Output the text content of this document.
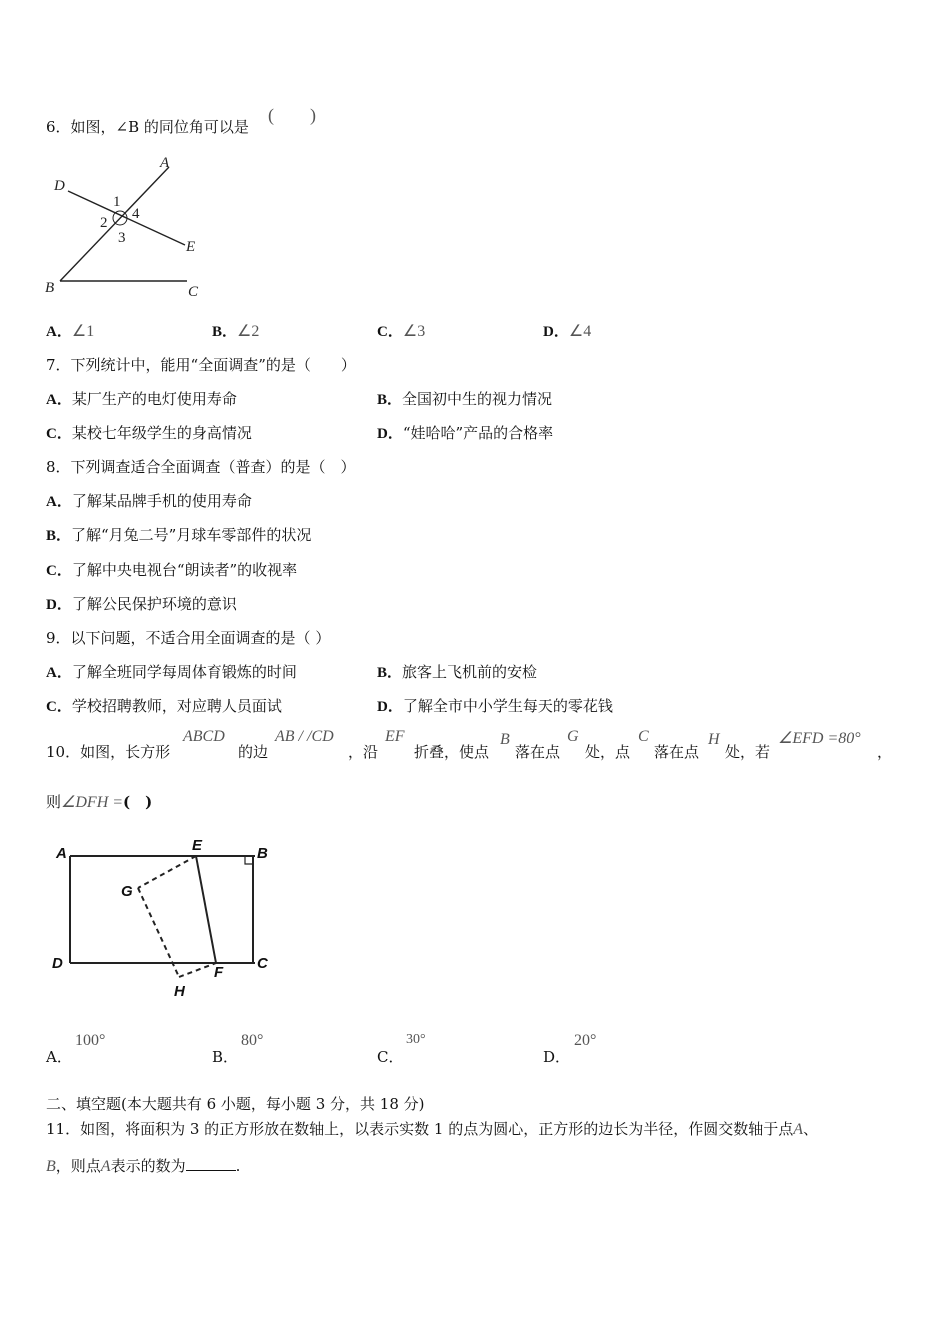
6．如图，∠B 的同位角可以是
(　　)
D
A
E
B	C
1
2
3
4
A．∠1	B．∠2	C．∠3	D．∠4
7．下列统计中，能用“全面调查”的是（　　）
A．某厂生产的电灯使用寿命	B．全国初中生的视力情况
C．某校七年级学生的身高情况	D．“娃哈哈”产品的合格率
8．下列调查适合全面调查（普查）的是（　）
A．了解某品牌手机的使用寿命
B．了解“月兔二号”月球车零部件的状况
C．了解中央电视台“朗读者”的收视率
D．了解公民保护环境的意识
9．以下问题，不适合用全面调查的是（ ）
A．了解全班同学每周体育锻炼的时间	B．旅客上飞机前的安检
C．学校招聘教师，对应聘人员面试	D．了解全市中小学生每天的零花钱
10．如图，长方形
ABCD
的边
AB / /CD
，沿
EF
折叠，使点
B
落在点
G
处，点
C
落在点
H
处，若
∠EFD =80°
，
则∠DFH =(　)
A	E	B
G
D
F
C
H
A．
100°
B．
80°
C．
30°
D．
20°
二、填空题(本大题共有 6 小题，每小题 3 分，共 18 分)
11．如图，将面积为 3 的正方形放在数轴上，以表示实数 1 的点为圆心，正方形的边长为半径，作圆交数轴于点A、
B，则点A表示的数为	.
